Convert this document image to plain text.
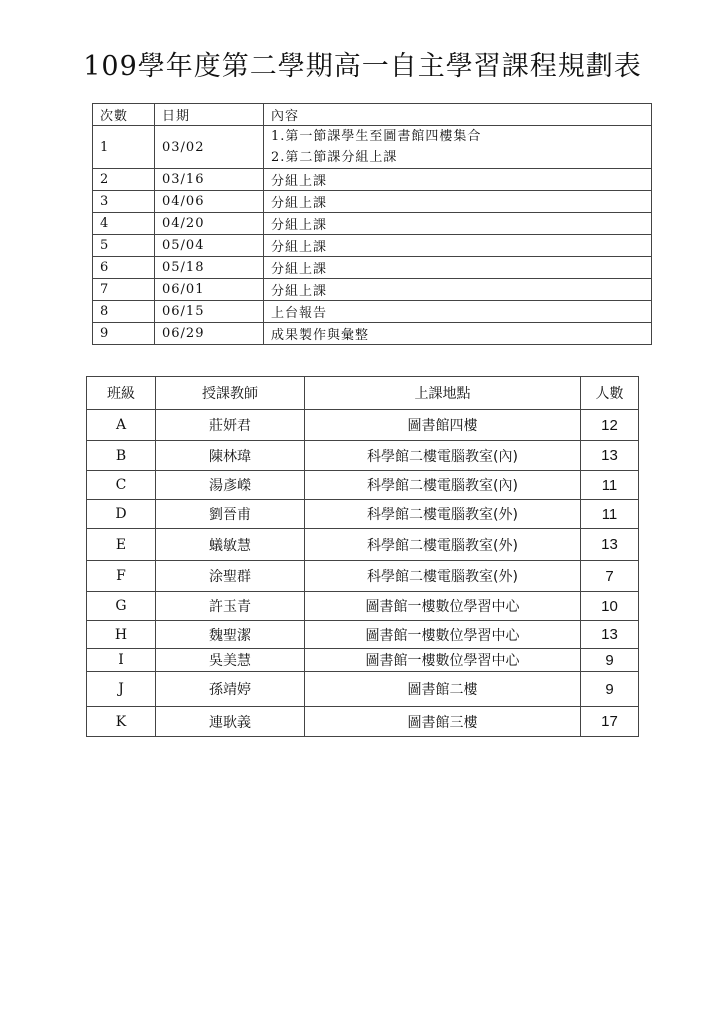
109學年度第二學期高一自主學習課程規劃表
次數	日期	內容
1	03/02	1.第一節課學生至圖書館四樓集合
2.第二節課分組上課

2	03/16	分組上課

3	04/06	分組上課

4	04/20	分組上課

5	05/04	分組上課

6	05/18	分組上課

7	06/01	分組上課

8	06/15	上台報告

9	06/29	成果製作與彙整
班級	授課教師	上課地點	人數
A	莊妍君	圖書館四樓	12
B	陳林瑋	科學館二樓電腦教室(內)	13
C	湯彥嶸	科學館二樓電腦教室(內)	11
D	劉晉甫	科學館二樓電腦教室(外)	11
E	蟻敏慧	科學館二樓電腦教室(外)	13
F	涂聖群	科學館二樓電腦教室(外)	7
G	許玉青	圖書館一樓數位學習中心	10
H	魏聖潔	圖書館一樓數位學習中心	13
I	吳美慧	圖書館一樓數位學習中心	9
J	孫靖婷	圖書館二樓	9
K	連耿義	圖書館三樓	17
